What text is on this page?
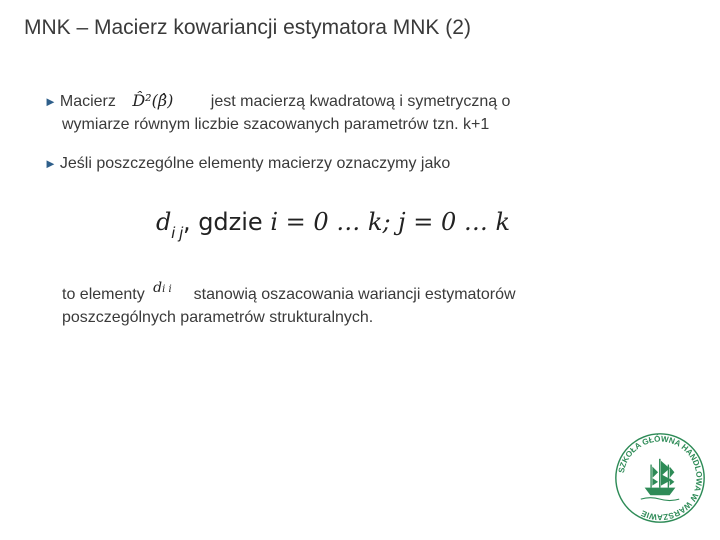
MNK – Macierz kowariancji estymatora MNK (2)
► Macierz D̂²(β̂) jest macierzą kwadratową i symetryczną o
wymiarze równym liczbie szacowanych parametrów tzn. k+1
► Jeśli poszczególne elementy macierzy oznaczymy jako
$d_{i j}$, gdzie i = 0 … k; j = 0 … k
to elementy di i stanowią oszacowania wariancji estymatorów
poszczególnych parametrów strukturalnych.
SZKOŁA GŁÓWNA HANDLOWA W WARSZAWIE
